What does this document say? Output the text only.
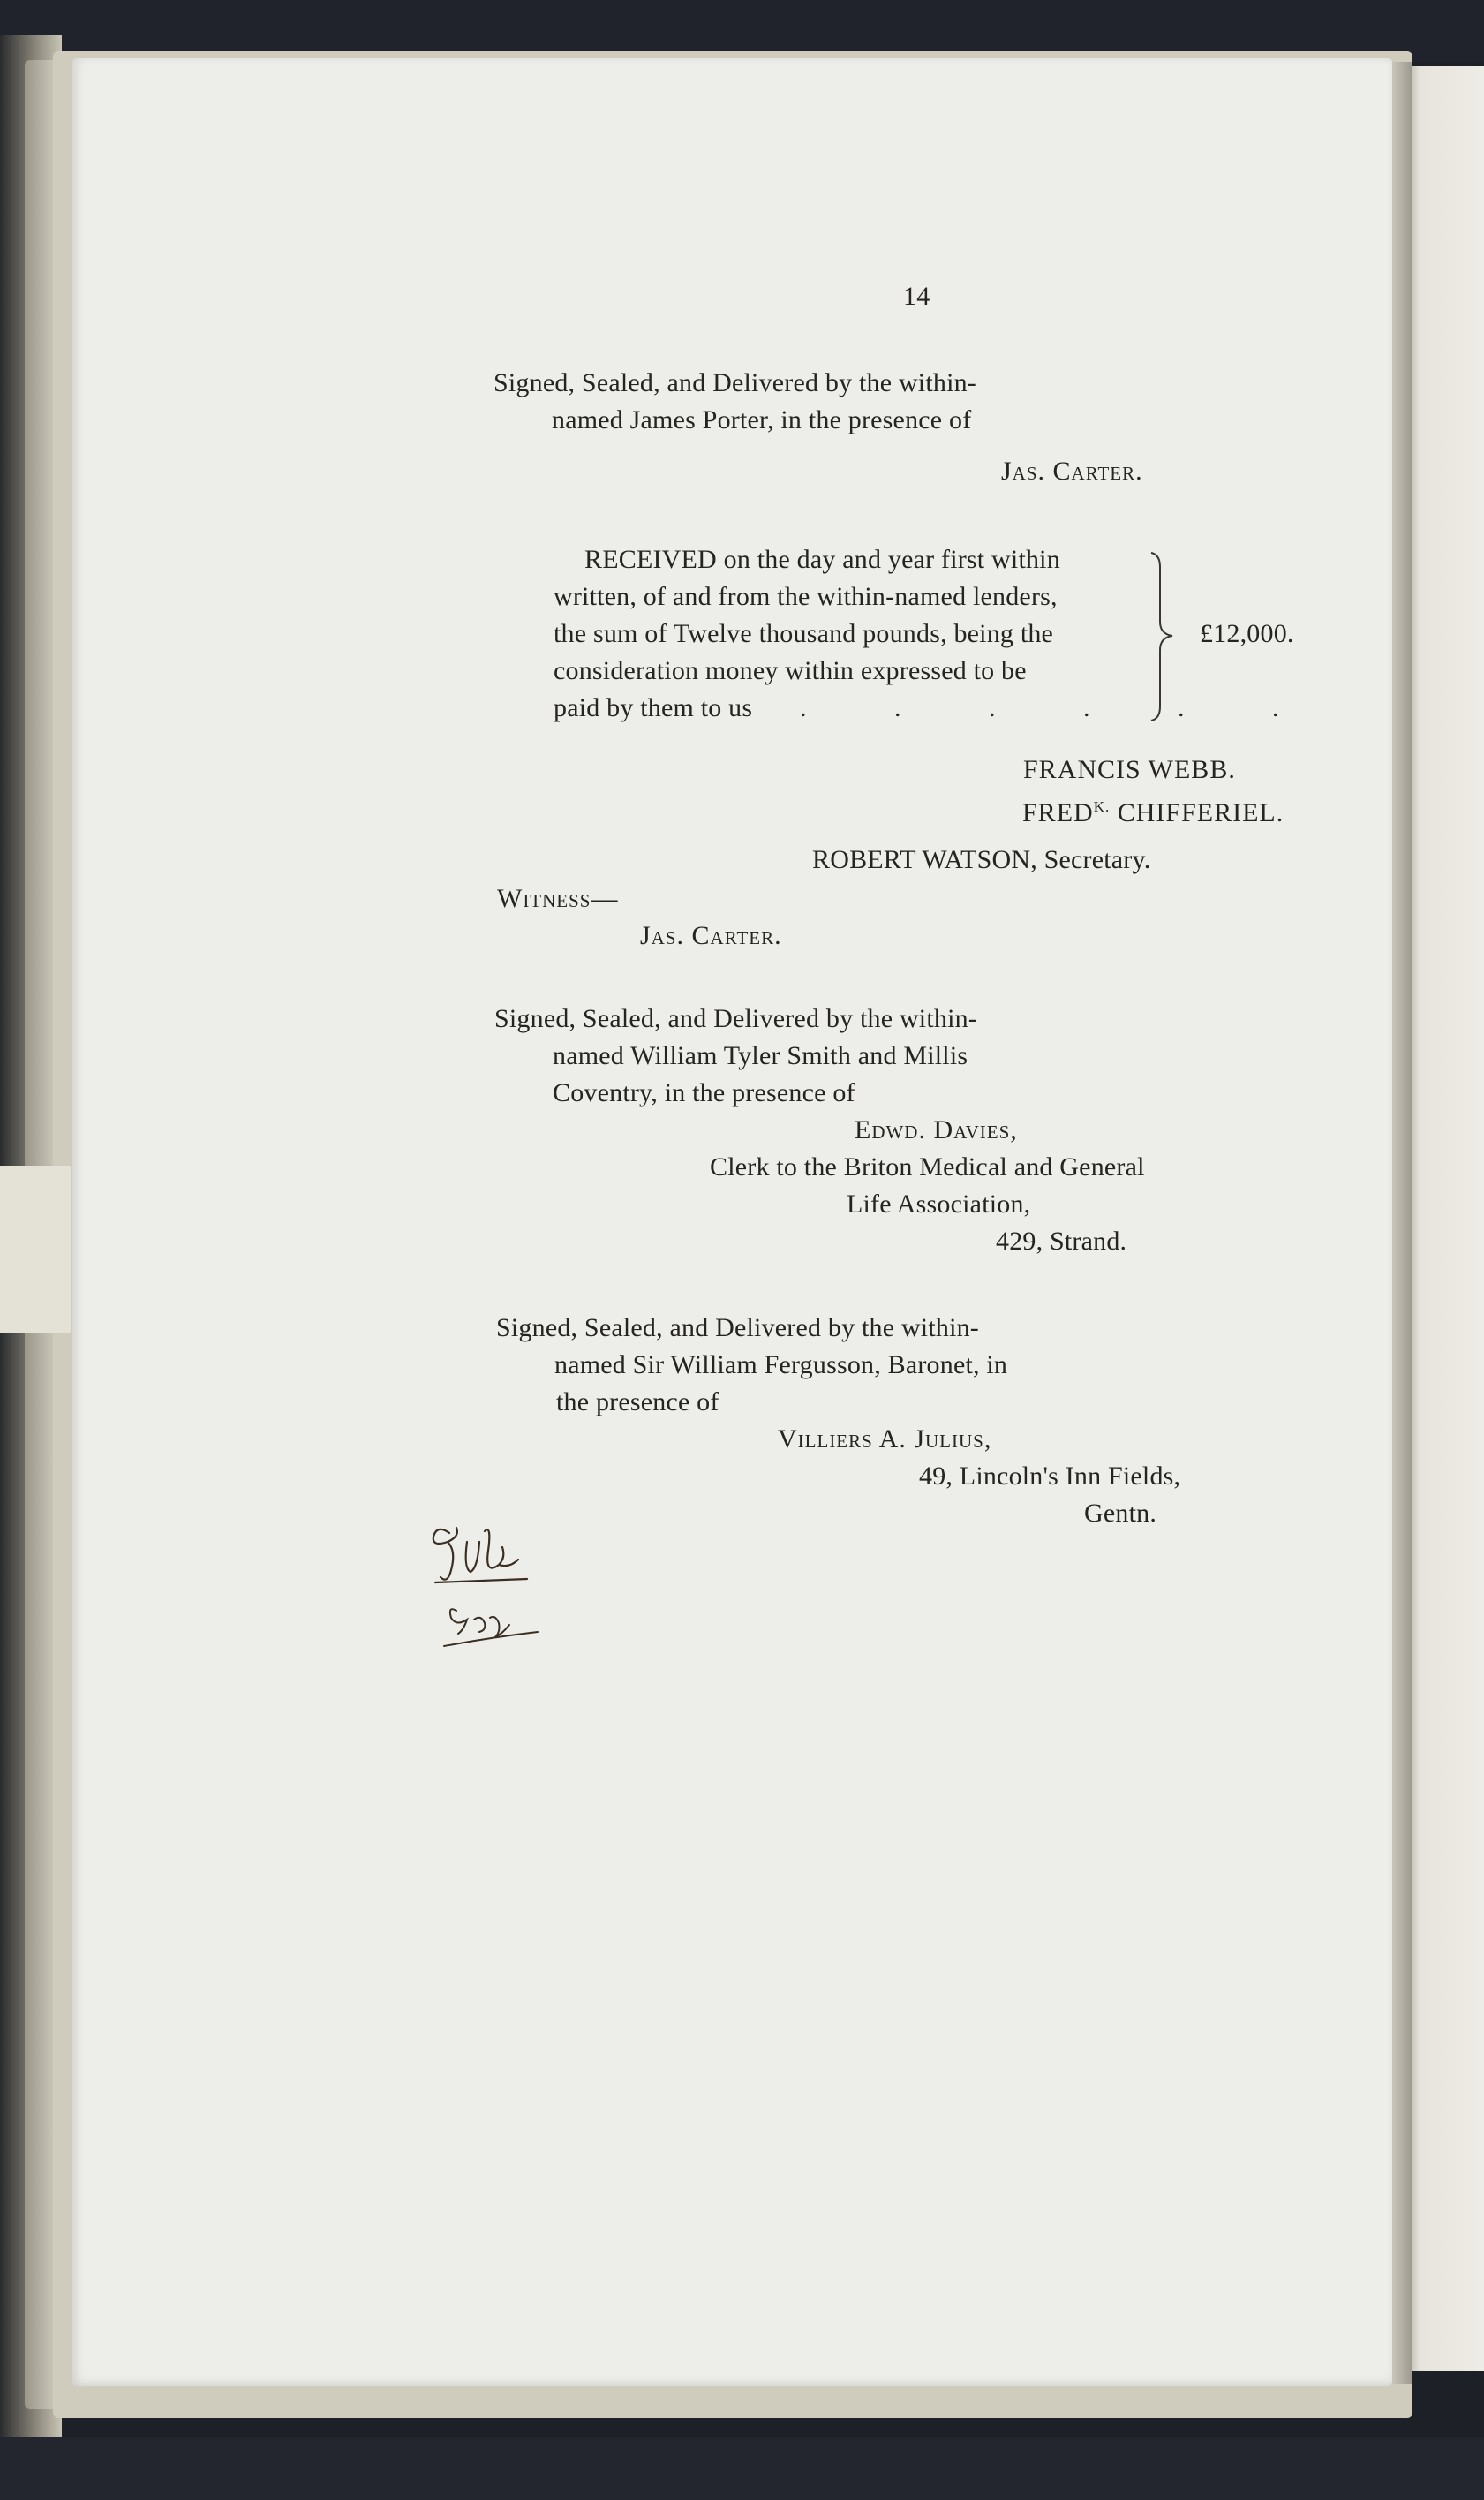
14
Signed, Sealed, and Delivered by the within-
named James Porter, in the presence of
Jas. Carter.
RECEIVED on the day and year first within
written, of and from the within-named lenders,
the sum of Twelve thousand pounds, being the
consideration money within expressed to be
paid by them to us . . . . . .
£12,000.
FRANCIS WEBB.
$FRED^{K.}$ CHIFFERIEL.
ROBERT WATSON, Secretary.
Witness—
Jas. Carter.
Signed, Sealed, and Delivered by the within-
named William Tyler Smith and Millis
Coventry, in the presence of
Edwd. Davies,
Clerk to the Briton Medical and General
Life Association,
429, Strand.
Signed, Sealed, and Delivered by the within-
named Sir William Fergusson, Baronet, in
the presence of
Villiers A. Julius,
49, Lincoln's Inn Fields,
Gentn.
